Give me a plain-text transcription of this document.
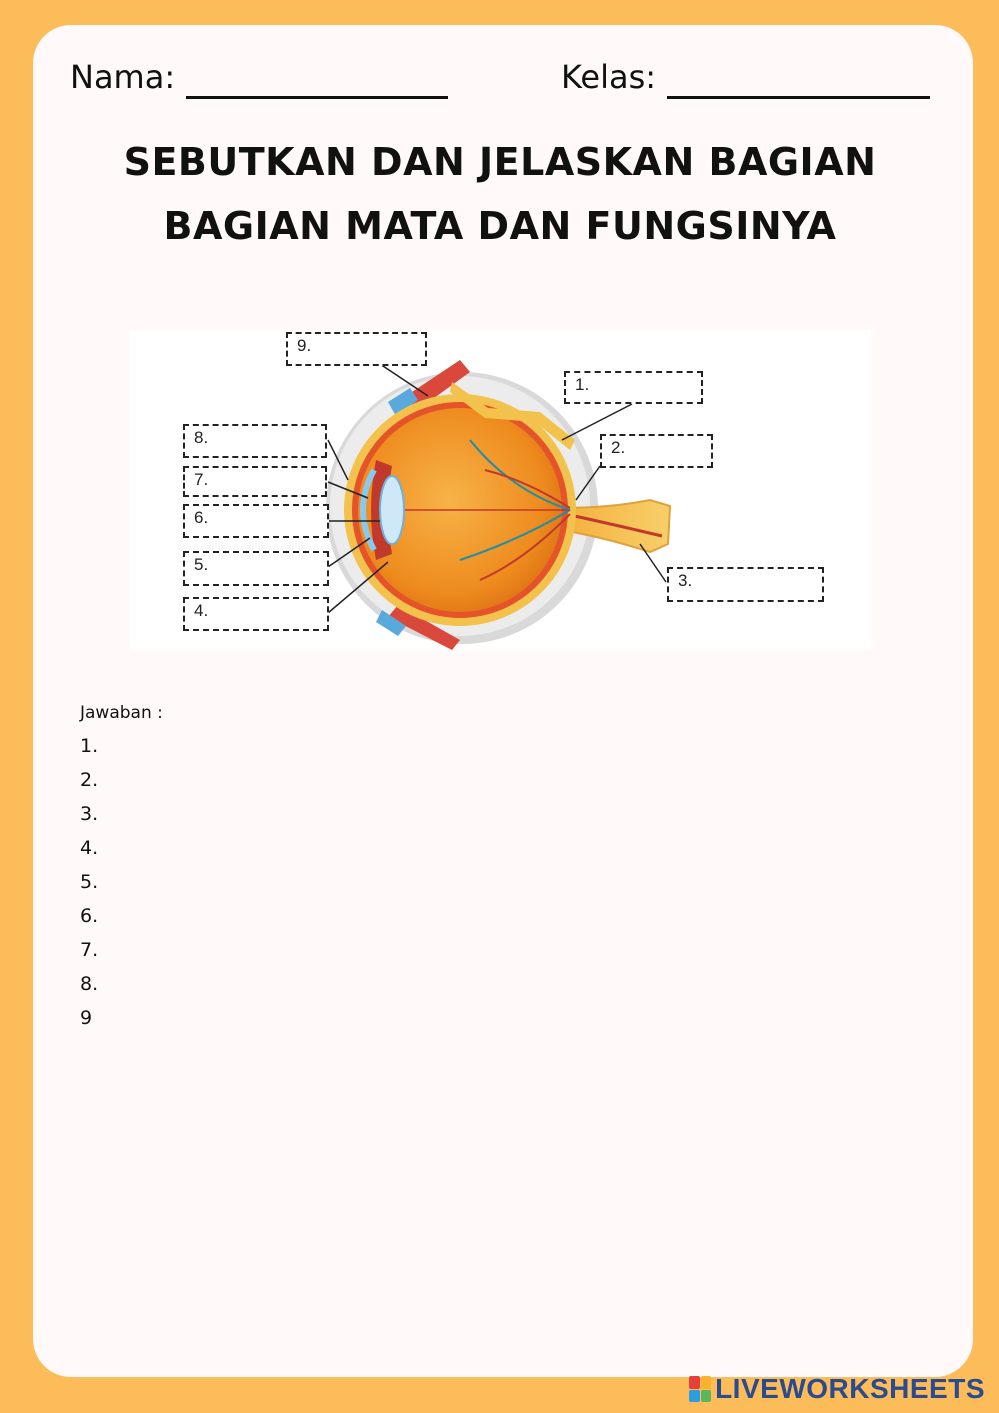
Nama:	Kelas:
SEBUTKAN DAN JELASKAN BAGIAN
BAGIAN MATA DAN FUNGSINYA
1.
2.
3.
4.
5.
6.
7.
8.
9.
Jawaban :
1.
2.
3.
4.
5.
6.
7.
8.
9
LIVEWORKSHEETS
